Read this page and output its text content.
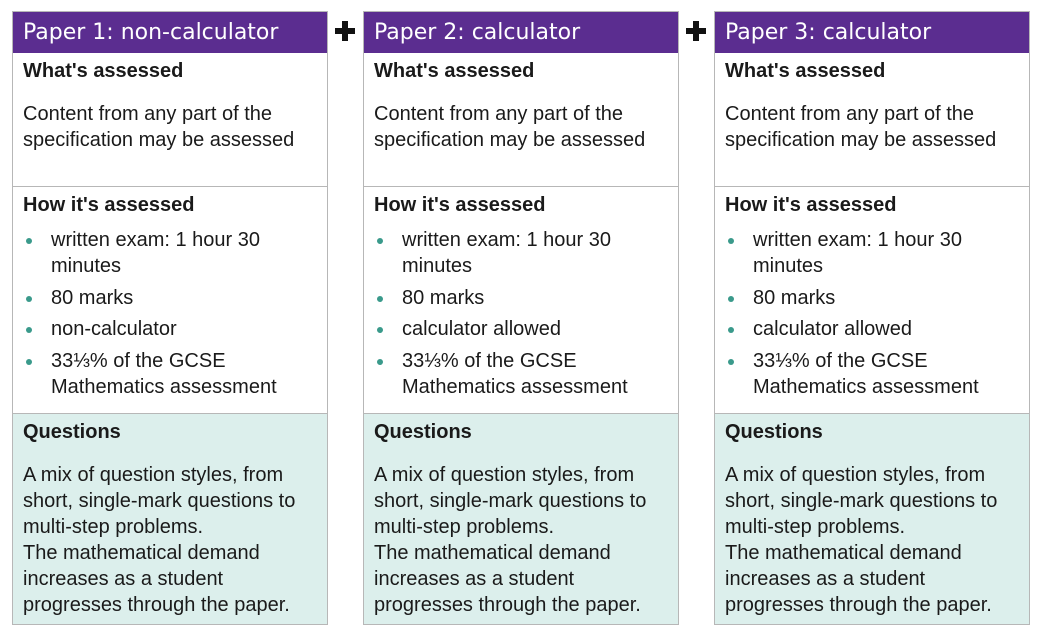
Paper 1: non-calculator
What's assessed

Content from any part of the specification may be assessed

How it's assessed
written exam: 1 hour 30 minutes
80 marks
non-calculator
33⅓% of the GCSE Mathematics assessment
Questions

A mix of question styles, from short, single-mark questions to multi-step problems.
The mathematical demand increases as a student progresses through the paper.

Paper 2: calculator
What's assessed

Content from any part of the specification may be assessed

How it's assessed
written exam: 1 hour 30 minutes
80 marks
calculator allowed
33⅓% of the GCSE Mathematics assessment
Questions

A mix of question styles, from short, single-mark questions to multi-step problems.
The mathematical demand increases as a student progresses through the paper.

Paper 3: calculator
What's assessed

Content from any part of the specification may be assessed

How it's assessed
written exam: 1 hour 30 minutes
80 marks
calculator allowed
33⅓% of the GCSE Mathematics assessment
Questions

A mix of question styles, from short, single-mark questions to multi-step problems.
The mathematical demand increases as a student progresses through the paper.
